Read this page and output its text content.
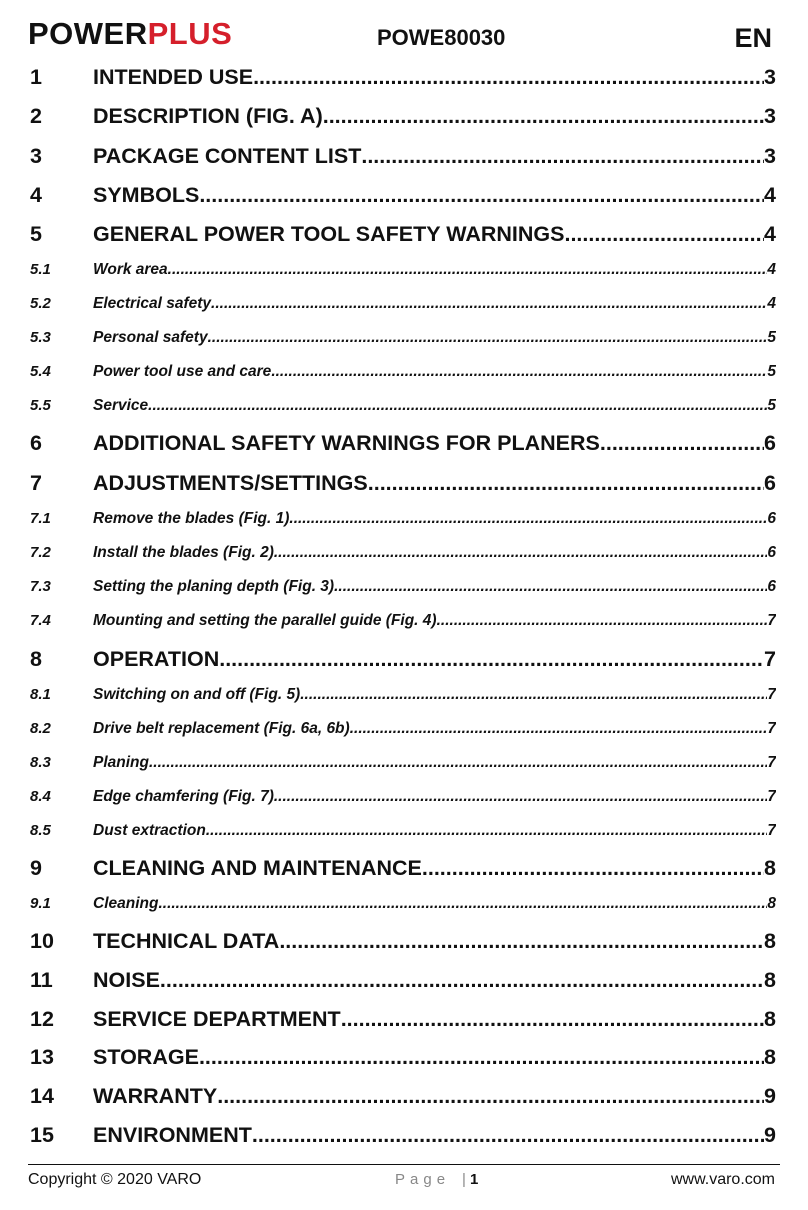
POWERPLUS	POWE80030	EN
1 INTENDED USE .....	3
2 DESCRIPTION (FIG. A) .....	3
3 PACKAGE CONTENT LIST .....	3
4 SYMBOLS .....	4
5 GENERAL POWER TOOL SAFETY WARNINGS .....	4
5.1	Work area .....	4
5.2	Electrical safety .....	4
5.3	Personal safety .....	5
5.4	Power tool use and care .....	5
5.5	Service .....	5
6 ADDITIONAL SAFETY WARNINGS FOR PLANERS .....	6
7 ADJUSTMENTS/SETTINGS .....	6
7.1	Remove the blades (Fig. 1) .....	6
7.2	Install the blades (Fig. 2) .....	6
7.3	Setting the planing depth (Fig. 3) .....	6
7.4	Mounting and setting the parallel guide (Fig. 4) .....	7
8 OPERATION .....	7
8.1	Switching on and off (Fig. 5) .....	7
8.2	Drive belt replacement (Fig. 6a, 6b) .....	7
8.3	Planing .....	7
8.4	Edge chamfering (Fig. 7) .....	7
8.5	Dust extraction .....	7
9 CLEANING AND MAINTENANCE .....	8
9.1	Cleaning .....	8
10 TECHNICAL DATA .....	8
11 NOISE .....	8
12 SERVICE DEPARTMENT .....	8
13 STORAGE .....	8
14 WARRANTY .....	9
15 ENVIRONMENT .....	9
Copyright © 2020 VARO	Page | 1	www.varo.com
